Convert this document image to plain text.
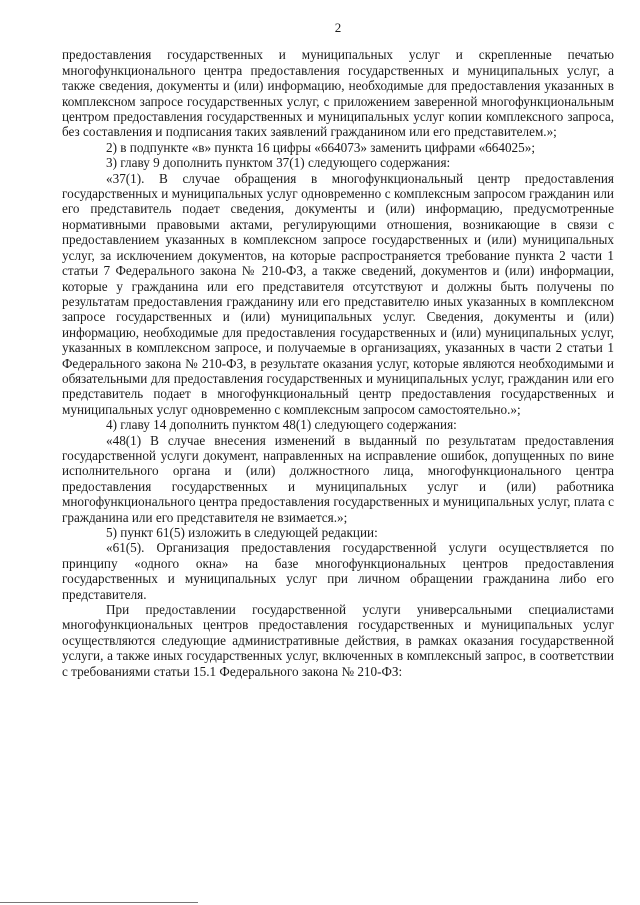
2

предоставления государственных и муниципальных услуг и скрепленные печатью многофункционального центра предоставления государственных и муниципальных услуг, а также сведения, документы и (или) информацию, необходимые для предоставления указанных в комплексном запросе государственных услуг, с приложением заверенной многофункциональным центром предоставления государственных и муниципальных услуг копии комплексного запроса, без составления и подписания таких заявлений гражданином или его представителем.»;

2) в подпункте «в» пункта 16 цифры «664073» заменить цифрами «664025»;

3) главу 9 дополнить пунктом 37(1) следующего содержания:

«37(1). В случае обращения в многофункциональный центр предоставления государственных и муниципальных услуг одновременно с комплексным запросом гражданин или его представитель подает сведения, документы и (или) информацию, предусмотренные нормативными правовыми актами, регулирующими отношения, возникающие в связи с предоставлением указанных в комплексном запросе государственных и (или) муниципальных услуг, за исключением документов, на которые распространяется требование пункта 2 части 1 статьи 7 Федерального закона № 210-ФЗ, а также сведений, документов и (или) информации, которые у гражданина или его представителя отсутствуют и должны быть получены по результатам предоставления гражданину или его представителю иных указанных в комплексном запросе государственных и (или) муниципальных услуг. Сведения, документы и (или) информацию, необходимые для предоставления государственных и (или) муниципальных услуг, указанных в комплексном запросе, и получаемые в организациях, указанных в части 2 статьи 1 Федерального закона № 210-ФЗ, в результате оказания услуг, которые являются необходимыми и обязательными для предоставления государственных и муниципальных услуг, гражданин или его представитель подает в многофункциональный центр предоставления государственных и муниципальных услуг одновременно с комплексным запросом самостоятельно.»;

4) главу 14 дополнить пунктом 48(1) следующего содержания:

«48(1) В случае внесения изменений в выданный по результатам предоставления государственной услуги документ, направленных на исправление ошибок, допущенных по вине исполнительного органа и (или) должностного лица, многофункционального центра предоставления государственных и муниципальных услуг и (или) работника многофункционального центра предоставления государственных и муниципальных услуг, плата с гражданина или его представителя не взимается.»;

5) пункт 61(5) изложить в следующей редакции:

«61(5). Организация предоставления государственной услуги осуществляется по принципу «одного окна» на базе многофункциональных центров предоставления государственных и муниципальных услуг при личном обращении гражданина либо его представителя.

При предоставлении государственной услуги универсальными специалистами многофункциональных центров предоставления государственных и муниципальных услуг осуществляются следующие административные действия, в рамках оказания государственной услуги, а также иных государственных услуг, включенных в комплексный запрос, в соответствии с требованиями статьи 15.1 Федерального закона № 210-ФЗ:
